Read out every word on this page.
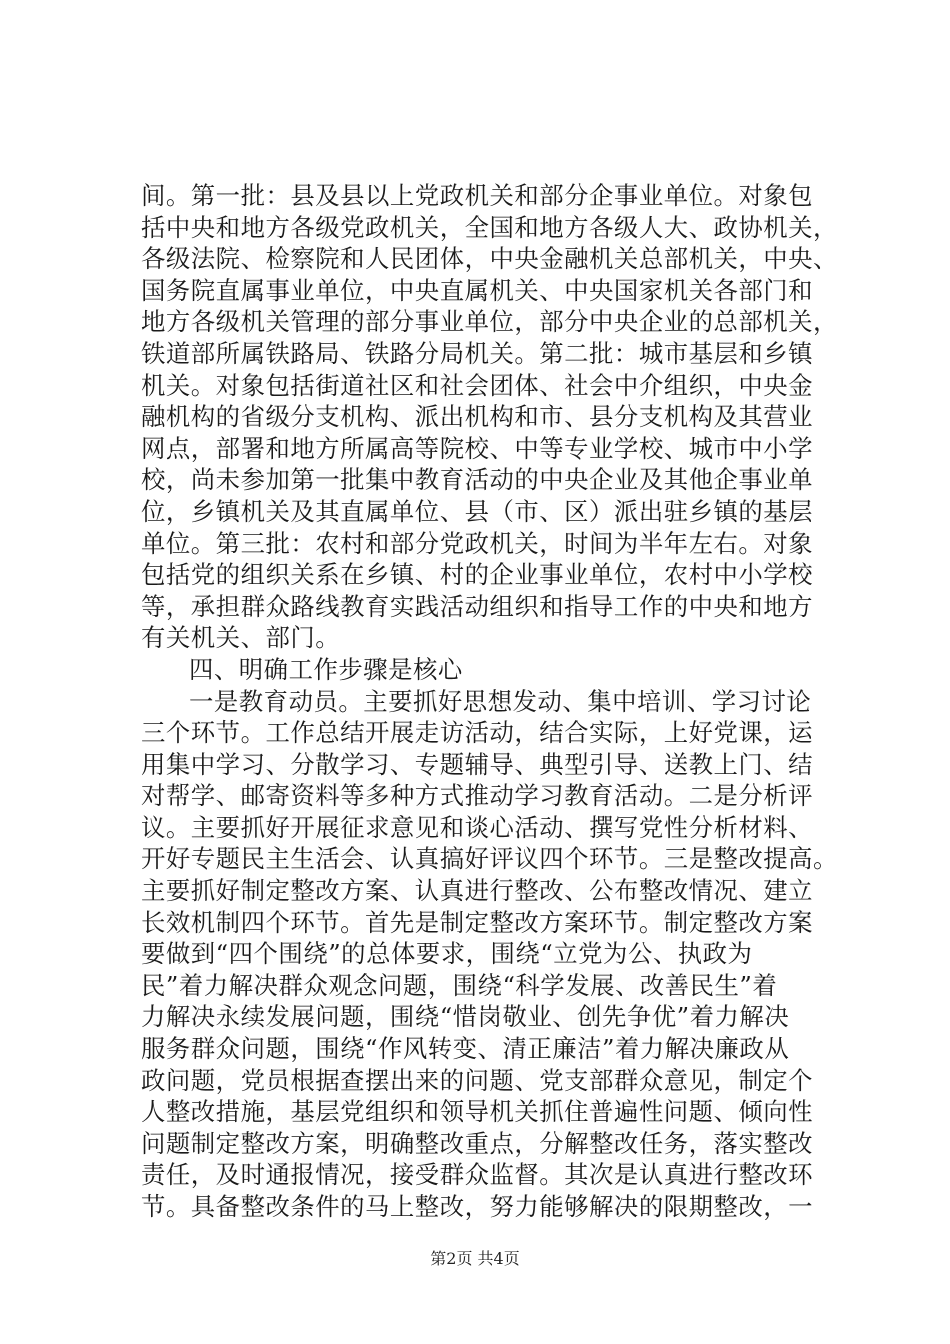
间。第一批：县及县以上党政机关和部分企事业单位。对象包
括中央和地方各级党政机关，全国和地方各级人大、政协机关，
各级法院、检察院和人民团体，中央金融机关总部机关，中央、
国务院直属事业单位，中央直属机关、中央国家机关各部门和
地方各级机关管理的部分事业单位，部分中央企业的总部机关，
铁道部所属铁路局、铁路分局机关。第二批：城市基层和乡镇
机关。对象包括街道社区和社会团体、社会中介组织，中央金
融机构的省级分支机构、派出机构和市、县分支机构及其营业
网点，部署和地方所属高等院校、中等专业学校、城市中小学
校，尚未参加第一批集中教育活动的中央企业及其他企事业单
位，乡镇机关及其直属单位、县（市、区）派出驻乡镇的基层
单位。第三批：农村和部分党政机关，时间为半年左右。对象
包括党的组织关系在乡镇、村的企业事业单位，农村中小学校
等，承担群众路线教育实践活动组织和指导工作的中央和地方
有关机关、部门。
四、明确工作步骤是核心
一是教育动员。主要抓好思想发动、集中培训、学习讨论
三个环节。工作总结开展走访活动，结合实际，上好党课，运
用集中学习、分散学习、专题辅导、典型引导、送教上门、结
对帮学、邮寄资料等多种方式推动学习教育活动。二是分析评
议。主要抓好开展征求意见和谈心活动、撰写党性分析材料、
开好专题民主生活会、认真搞好评议四个环节。三是整改提高。
主要抓好制定整改方案、认真进行整改、公布整改情况、建立
长效机制四个环节。首先是制定整改方案环节。制定整改方案
要做到“四个围绕”的总体要求，围绕“立党为公、执政为
民”着力解决群众观念问题，围绕“科学发展、改善民生”着
力解决永续发展问题，围绕“惜岗敬业、创先争优”着力解决
服务群众问题，围绕“作风转变、清正廉洁”着力解决廉政从
政问题，党员根据查摆出来的问题、党支部群众意见，制定个
人整改措施，基层党组织和领导机关抓住普遍性问题、倾向性
问题制定整改方案，明确整改重点，分解整改任务，落实整改
责任，及时通报情况，接受群众监督。其次是认真进行整改环
节。具备整改条件的马上整改，努力能够解决的限期整改，一
第2页 共4页
